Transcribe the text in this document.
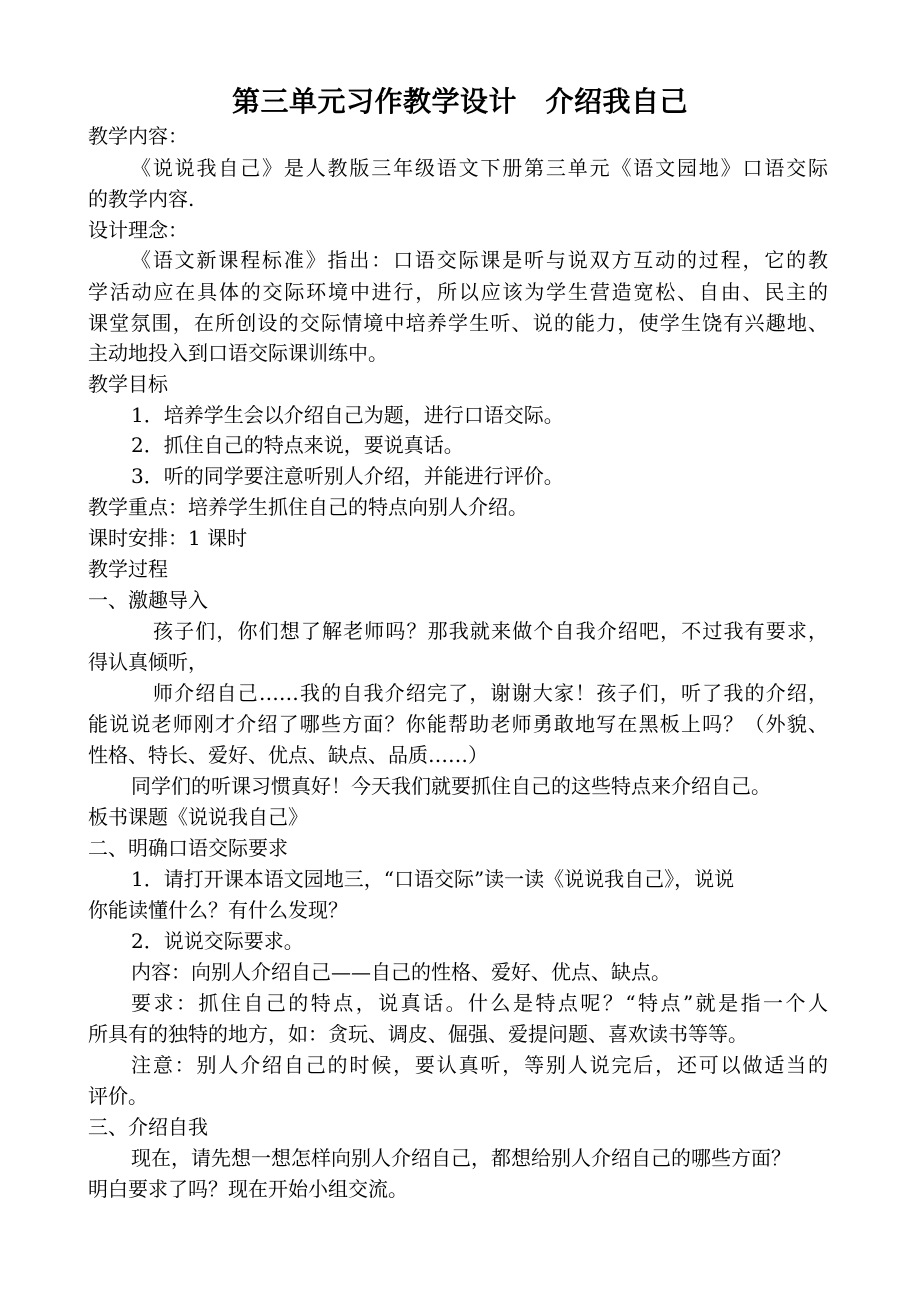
第三单元习作教学设计　介绍我自己
教学内容：
《说说我自己》是人教版三年级语文下册第三单元《语文园地》口语交际
的教学内容.
设计理念：
《语文新课程标准》指出：口语交际课是听与说双方互动的过程，它的教
学活动应在具体的交际环境中进行，所以应该为学生营造宽松、自由、民主的
课堂氛围，在所创设的交际情境中培养学生听、说的能力，使学生饶有兴趣地、
主动地投入到口语交际课训练中。
教学目标
1．培养学生会以介绍自己为题，进行口语交际。
2．抓住自己的特点来说，要说真话。
3．听的同学要注意听别人介绍，并能进行评价。
教学重点：培养学生抓住自己的特点向别人介绍。
课时安排：1 课时
教学过程
一、激趣导入
孩子们，你们想了解老师吗？那我就来做个自我介绍吧，不过我有要求，
得认真倾听，
师介绍自己……我的自我介绍完了，谢谢大家！孩子们，听了我的介绍，
能说说老师刚才介绍了哪些方面？你能帮助老师勇敢地写在黑板上吗？（外貌、
性格、特长、爱好、优点、缺点、品质……）
同学们的听课习惯真好！今天我们就要抓住自己的这些特点来介绍自己。
板书课题《说说我自己》
二、明确口语交际要求
1．请打开课本语文园地三，“口语交际”读一读《说说我自己》，说说
你能读懂什么？有什么发现？
2．说说交际要求。
内容：向别人介绍自己——自己的性格、爱好、优点、缺点。
要求：抓住自己的特点，说真话。什么是特点呢？“特点”就是指一个人
所具有的独特的地方，如：贪玩、调皮、倔强、爱提问题、喜欢读书等等。
注意：别人介绍自己的时候，要认真听，等别人说完后，还可以做适当的
评价。
三、介绍自我
现在，请先想一想怎样向别人介绍自己，都想给别人介绍自己的哪些方面？
明白要求了吗？现在开始小组交流。
